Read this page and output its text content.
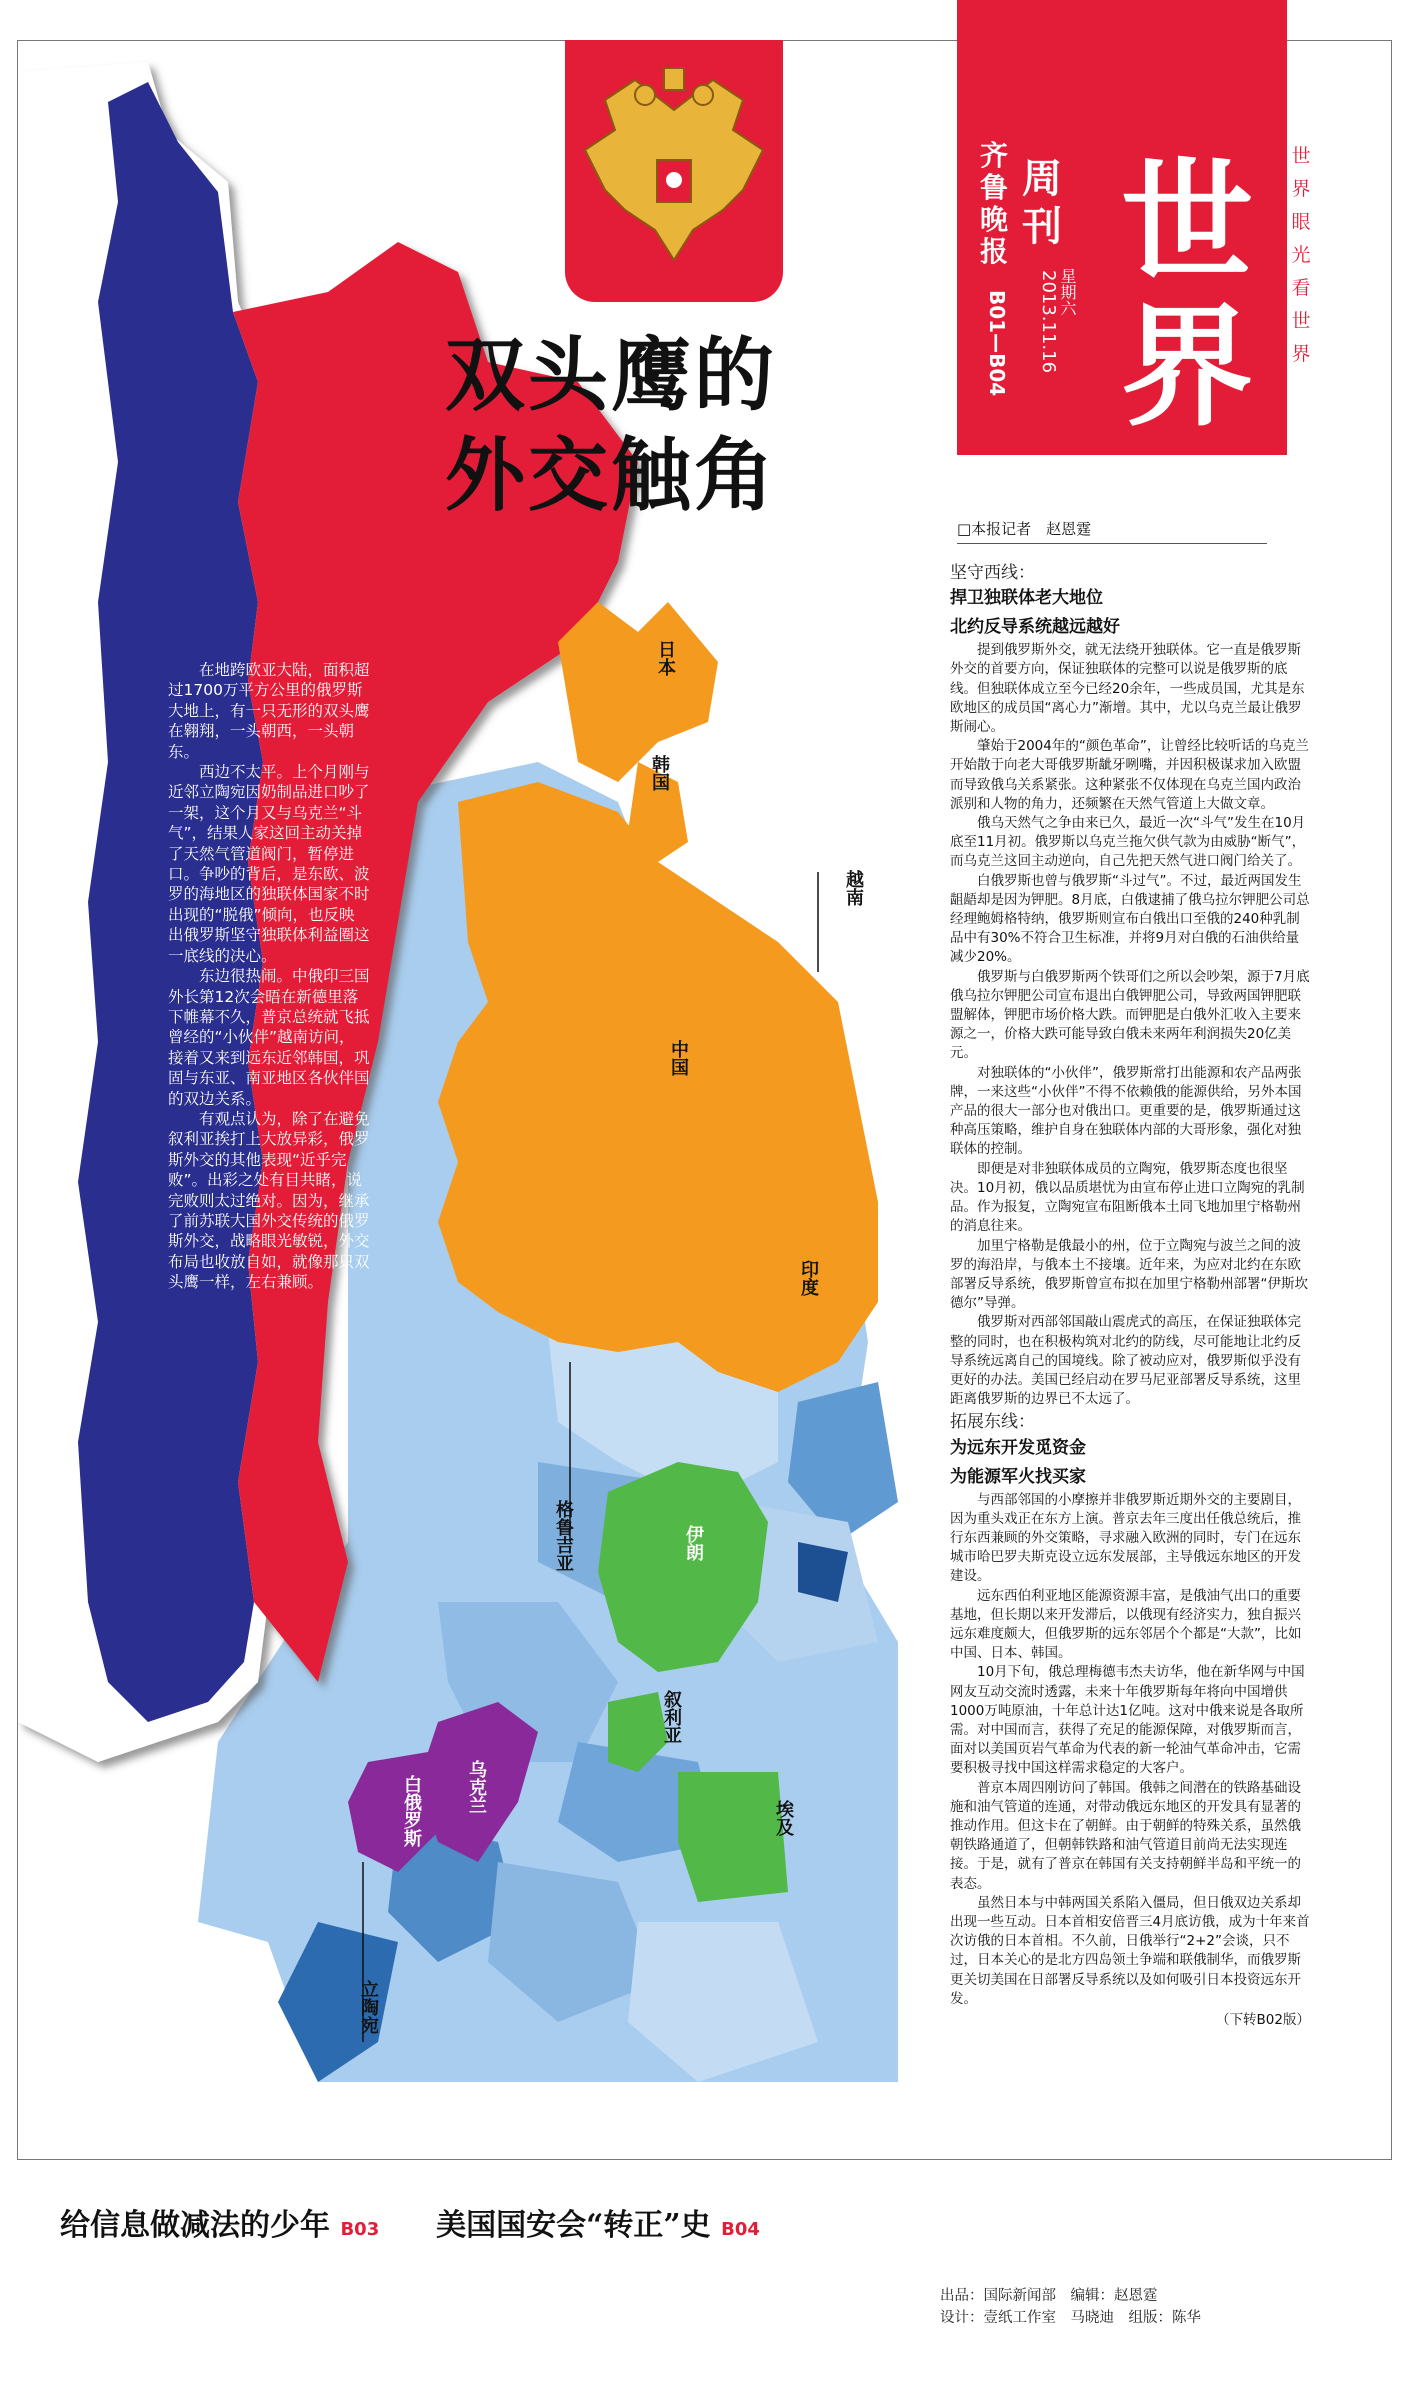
双头鹰的
外交触角
齐鲁晚报
周刊
星期六
2013.11.16
B01—B04
世界
世界眼光看世界
日本
韩国
越南
中国
印度
格鲁吉亚	伊朗
叙利亚
埃及
白俄罗斯 乌克兰
立陶宛

在地跨欧亚大陆，面积超过1700万平方公里的俄罗斯大地上，有一只无形的双头鹰在翱翔，一头朝西，一头朝东。

西边不太平。上个月刚与近邻立陶宛因奶制品进口吵了一架，这个月又与乌克兰“斗气”，结果人家这回主动关掉了天然气管道阀门，暂停进口。争吵的背后，是东欧、波罗的海地区的独联体国家不时出现的“脱俄”倾向，也反映出俄罗斯坚守独联体利益圈这一底线的决心。

东边很热闹。中俄印三国外长第12次会晤在新德里落下帷幕不久，普京总统就飞抵曾经的“小伙伴”越南访问，接着又来到远东近邻韩国，巩固与东亚、南亚地区各伙伴国的双边关系。

有观点认为，除了在避免叙利亚挨打上大放异彩，俄罗斯外交的其他表现“近乎完败”。出彩之处有目共睹，说完败则太过绝对。因为，继承了前苏联大国外交传统的俄罗斯外交，战略眼光敏锐，外交布局也收放自如，就像那只双头鹰一样，左右兼顾。

□本报记者　赵恩霆
坚守西线：
捍卫独联体老大地位
北约反导系统越远越好

提到俄罗斯外交，就无法绕开独联体。它一直是俄罗斯外交的首要方向，保证独联体的完整可以说是俄罗斯的底线。但独联体成立至今已经20余年，一些成员国，尤其是东欧地区的成员国“离心力”渐增。其中，尤以乌克兰最让俄罗斯闹心。

肇始于2004年的“颜色革命”，让曾经比较听话的乌克兰开始散于向老大哥俄罗斯龇牙咧嘴，并因积极谋求加入欧盟而导致俄乌关系紧张。这种紧张不仅体现在乌克兰国内政治派别和人物的角力，还频繁在天然气管道上大做文章。

俄乌天然气之争由来已久，最近一次“斗气”发生在10月底至11月初。俄罗斯以乌克兰拖欠供气款为由威胁“断气”，而乌克兰这回主动逆向，自己先把天然气进口阀门给关了。

白俄罗斯也曾与俄罗斯“斗过气”。不过，最近两国发生龃龉却是因为钾肥。8月底，白俄逮捕了俄乌拉尔钾肥公司总经理鲍姆格特纳，俄罗斯则宣布白俄出口至俄的240种乳制品中有30%不符合卫生标准，并将9月对白俄的石油供给量减少20%。

俄罗斯与白俄罗斯两个铁哥们之所以会吵架，源于7月底俄乌拉尔钾肥公司宣布退出白俄钾肥公司，导致两国钾肥联盟解体，钾肥市场价格大跌。而钾肥是白俄外汇收入主要来源之一，价格大跌可能导致白俄未来两年利润损失20亿美元。

对独联体的“小伙伴”，俄罗斯常打出能源和农产品两张牌，一来这些“小伙伴”不得不依赖俄的能源供给，另外本国产品的很大一部分也对俄出口。更重要的是，俄罗斯通过这种高压策略，维护自身在独联体内部的大哥形象，强化对独联体的控制。

即便是对非独联体成员的立陶宛，俄罗斯态度也很坚决。10月初，俄以品质堪忧为由宣布停止进口立陶宛的乳制品。作为报复，立陶宛宣布阻断俄本土同飞地加里宁格勒州的消息往来。

加里宁格勒是俄最小的州，位于立陶宛与波兰之间的波罗的海沿岸，与俄本土不接壤。近年来，为应对北约在东欧部署反导系统，俄罗斯曾宣布拟在加里宁格勒州部署“伊斯坎德尔”导弹。

俄罗斯对西部邻国敲山震虎式的高压，在保证独联体完整的同时，也在积极构筑对北约的防线，尽可能地让北约反导系统远离自己的国境线。除了被动应对，俄罗斯似乎没有更好的办法。美国已经启动在罗马尼亚部署反导系统，这里距离俄罗斯的边界已不太远了。

拓展东线：
为远东开发觅资金
为能源军火找买家

与西部邻国的小摩擦并非俄罗斯近期外交的主要剧目，因为重头戏正在东方上演。普京去年三度出任俄总统后，推行东西兼顾的外交策略，寻求融入欧洲的同时，专门在远东城市哈巴罗夫斯克设立远东发展部，主导俄远东地区的开发建设。

远东西伯利亚地区能源资源丰富，是俄油气出口的重要基地，但长期以来开发滞后，以俄现有经济实力，独自振兴远东难度颇大，但俄罗斯的远东邻居个个都是“大款”，比如中国、日本、韩国。

10月下旬，俄总理梅德韦杰夫访华，他在新华网与中国网友互动交流时透露，未来十年俄罗斯每年将向中国增供1000万吨原油，十年总计达1亿吨。这对中俄来说是各取所需。对中国而言，获得了充足的能源保障，对俄罗斯而言，面对以美国页岩气革命为代表的新一轮油气革命冲击，它需要积极寻找中国这样需求稳定的大客户。

普京本周四刚访问了韩国。俄韩之间潜在的铁路基础设施和油气管道的连通，对带动俄远东地区的开发具有显著的推动作用。但这卡在了朝鲜。由于朝鲜的特殊关系，虽然俄朝铁路通道了，但朝韩铁路和油气管道目前尚无法实现连接。于是，就有了普京在韩国有关支持朝鲜半岛和平统一的表态。

虽然日本与中韩两国关系陷入僵局，但日俄双边关系却出现一些互动。日本首相安倍晋三4月底访俄，成为十年来首次访俄的日本首相。不久前，日俄举行“2+2”会谈，只不过，日本关心的是北方四岛领土争端和联俄制华，而俄罗斯更关切美国在日部署反导系统以及如何吸引日本投资远东开发。

（下转B02版）
给信息做减法的少年 B03 美国国安会“转正”史 B04
出品：国际新闻部　编辑：赵恩霆
设计：壹纸工作室　马晓迪　组版：陈华
